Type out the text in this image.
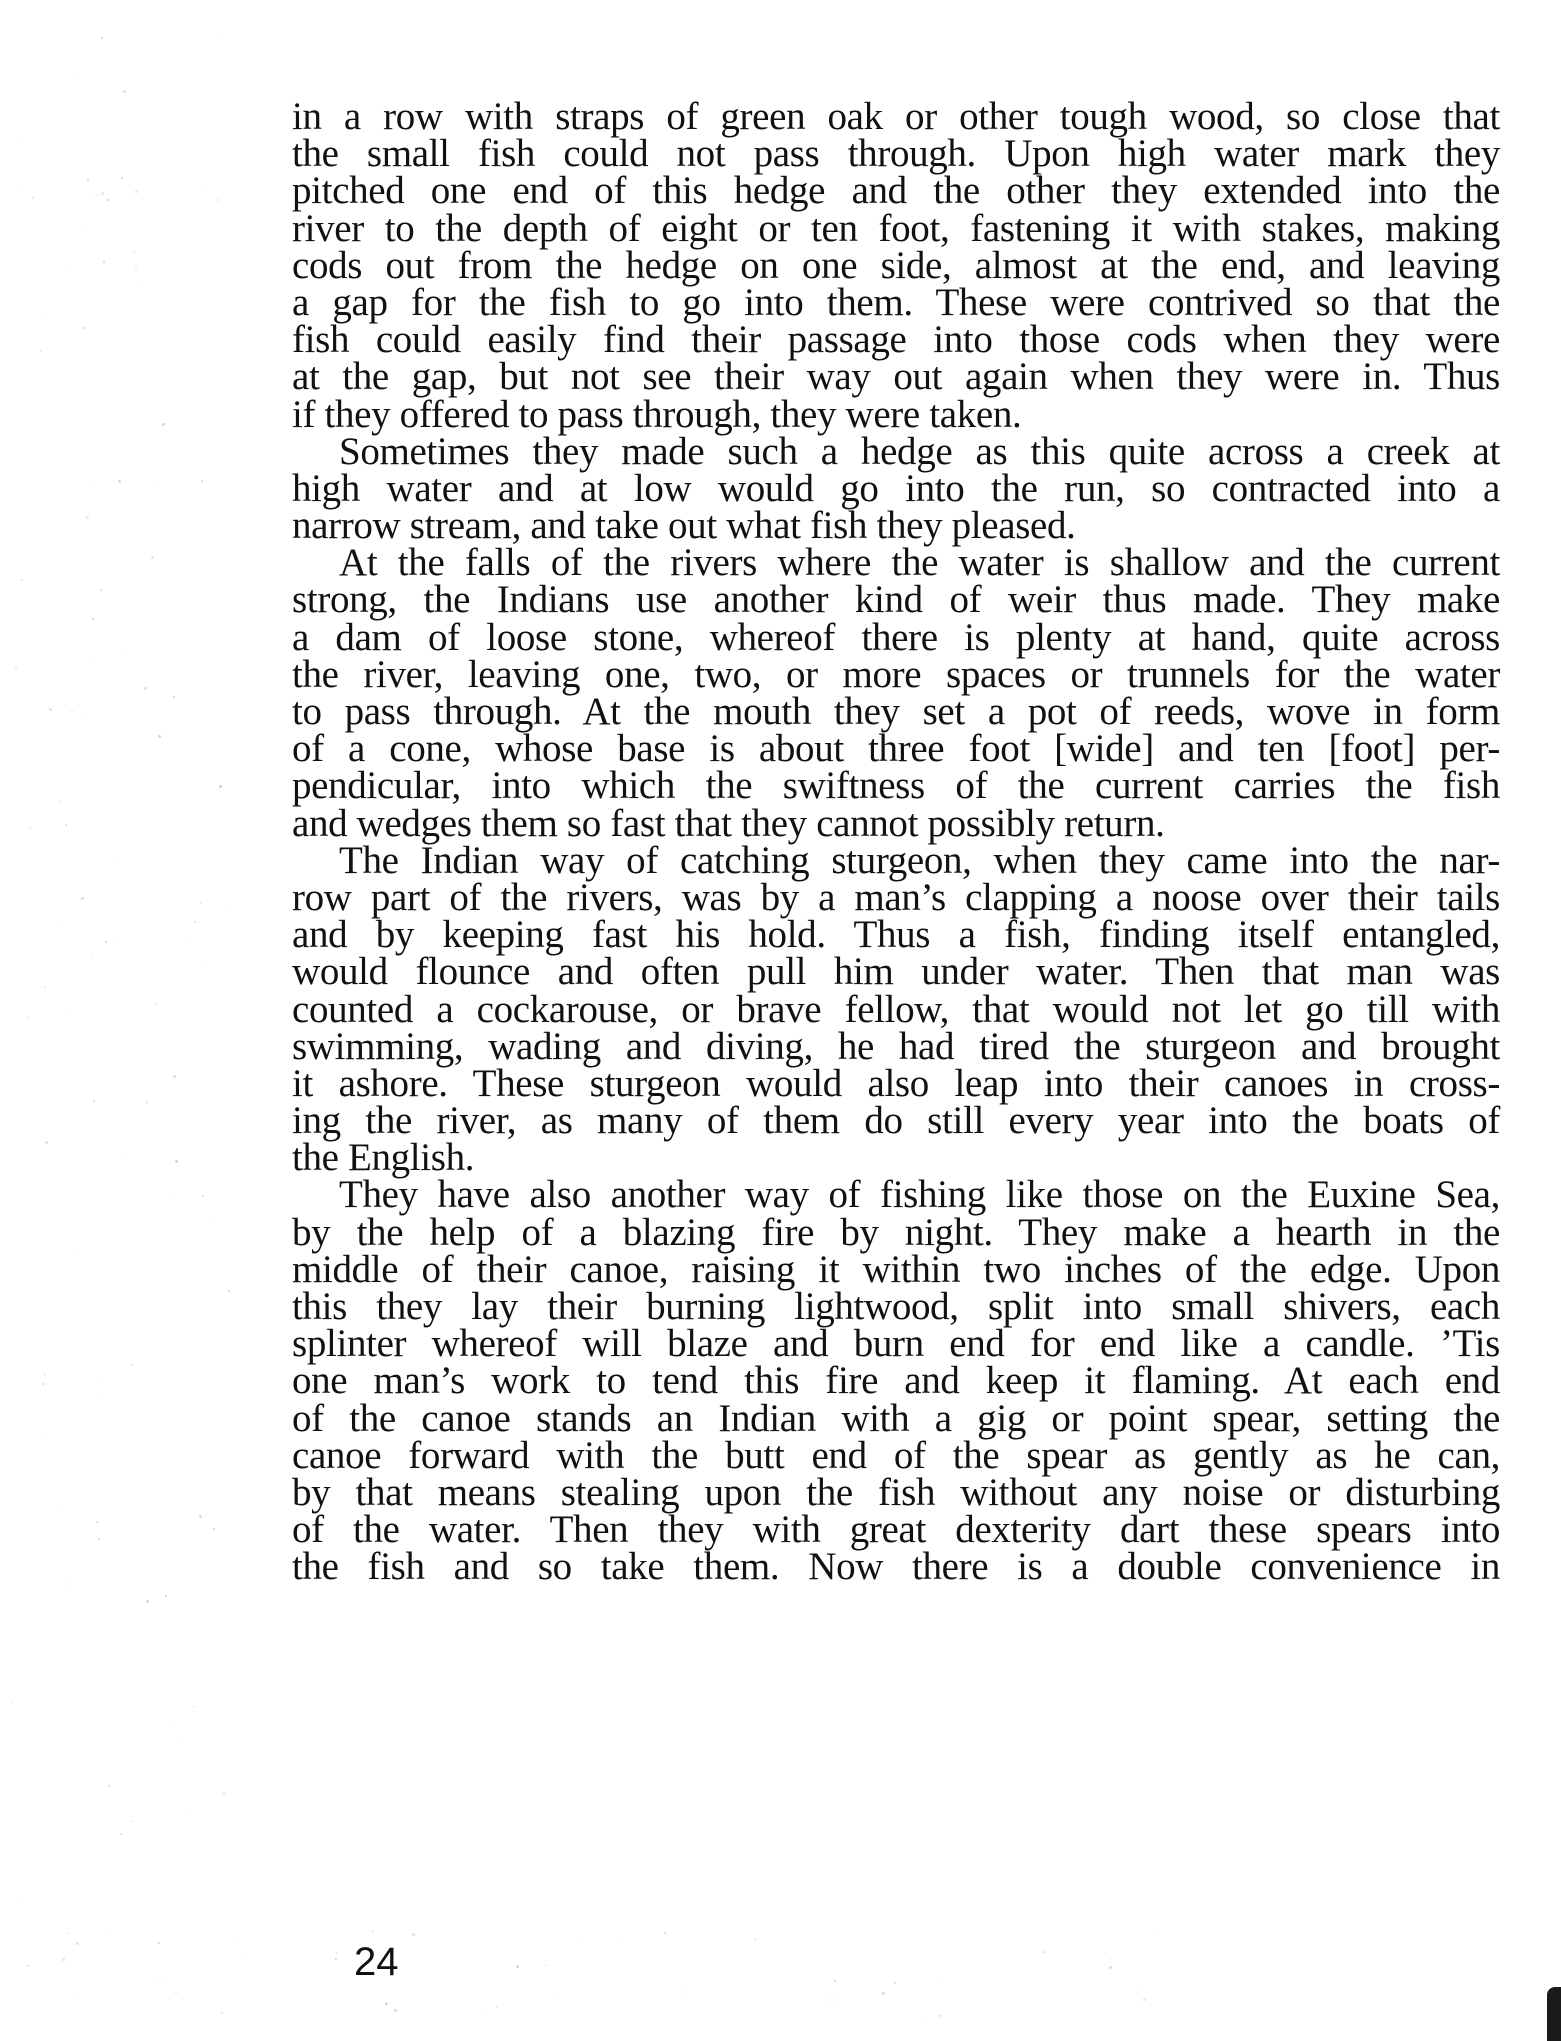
in a row with straps of green oak or other tough wood, so close that
the small fish could not pass through. Upon high water mark they
pitched one end of this hedge and the other they extended into the
river to the depth of eight or ten foot, fastening it with stakes, making
cods out from the hedge on one side, almost at the end, and leaving
a gap for the fish to go into them. These were contrived so that the
fish could easily find their passage into those cods when they were
at the gap, but not see their way out again when they were in. Thus
if they offered to pass through, they were taken.
Sometimes they made such a hedge as this quite across a creek at
high water and at low would go into the run, so contracted into a
narrow stream, and take out what fish they pleased.
At the falls of the rivers where the water is shallow and the current
strong, the Indians use another kind of weir thus made. They make
a dam of loose stone, whereof there is plenty at hand, quite across
the river, leaving one, two, or more spaces or trunnels for the water
to pass through. At the mouth they set a pot of reeds, wove in form
of a cone, whose base is about three foot [wide] and ten [foot] per-
pendicular, into which the swiftness of the current carries the fish
and wedges them so fast that they cannot possibly return.
The Indian way of catching sturgeon, when they came into the nar-
row part of the rivers, was by a man’s clapping a noose over their tails
and by keeping fast his hold. Thus a fish, finding itself entangled,
would flounce and often pull him under water. Then that man was
counted a cockarouse, or brave fellow, that would not let go till with
swimming, wading and diving, he had tired the sturgeon and brought
it ashore. These sturgeon would also leap into their canoes in cross-
ing the river, as many of them do still every year into the boats of
the English.
They have also another way of fishing like those on the Euxine Sea,
by the help of a blazing fire by night. They make a hearth in the
middle of their canoe, raising it within two inches of the edge. Upon
this they lay their burning lightwood, split into small shivers, each
splinter whereof will blaze and burn end for end like a candle. ’Tis
one man’s work to tend this fire and keep it flaming. At each end
of the canoe stands an Indian with a gig or point spear, setting the
canoe forward with the butt end of the spear as gently as he can,
by that means stealing upon the fish without any noise or disturbing
of the water. Then they with great dexterity dart these spears into
the fish and so take them. Now there is a double convenience in
24
